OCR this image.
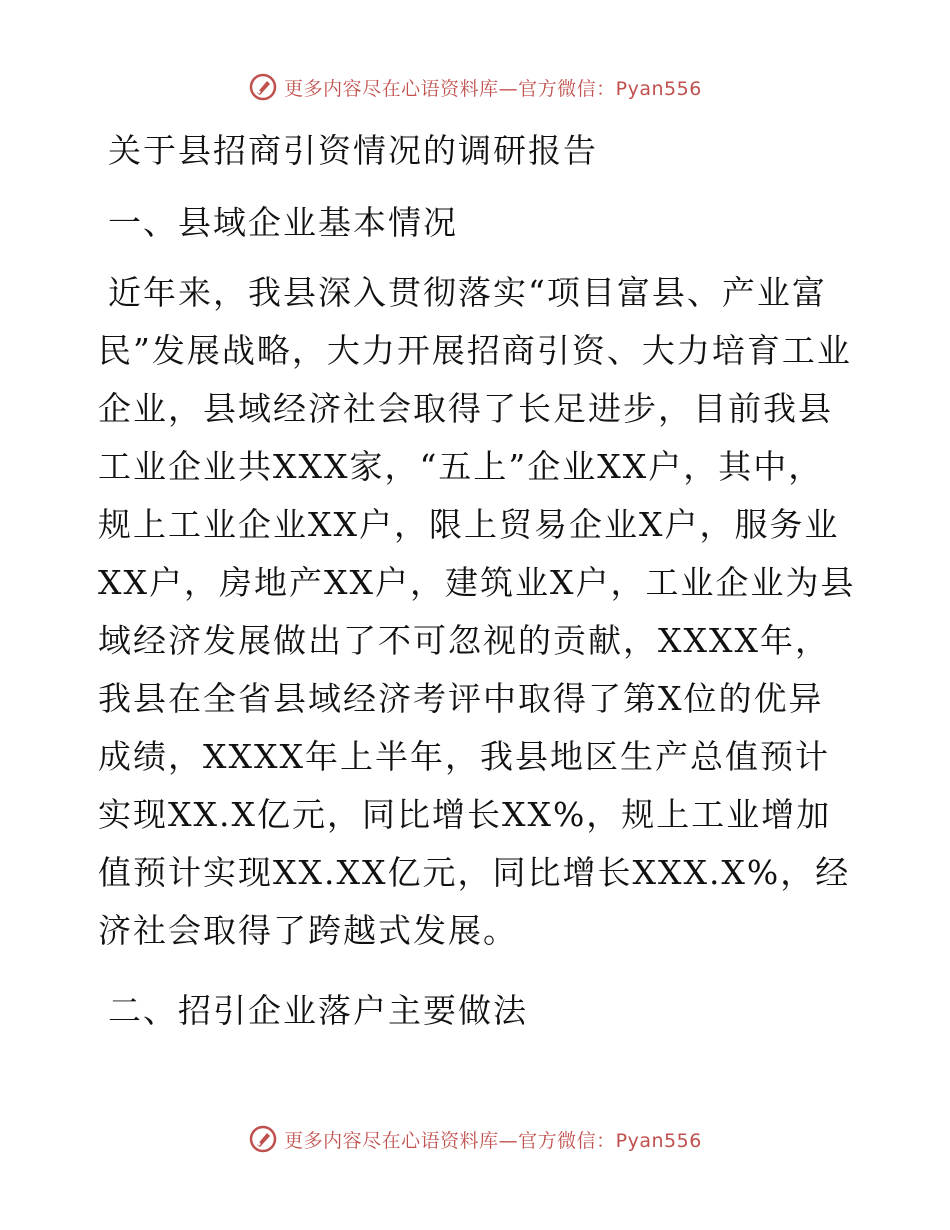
更多内容尽在心语资料库—官方微信：Pyan556
关于县招商引资情况的调研报告
一、县域企业基本情况

近年来，我县深入贯彻落实“项目富县、产业富民”发展战略，大力开展招商引资、大力培育工业企业，县域经济社会取得了长足进步，目前我县工业企业共XXX家，“五上”企业XX户，其中，规上工业企业XX户，限上贸易企业X户，服务业XX户，房地产XX户，建筑业X户，工业企业为县域经济发展做出了不可忽视的贡献，XXXX年，我县在全省县域经济考评中取得了第X位的优异成绩，XXXX年上半年，我县地区生产总值预计实现XX.X亿元，同比增长XX%，规上工业增加值预计实现XX.XX亿元，同比增长XXX.X%，经济社会取得了跨越式发展。

二、招引企业落户主要做法
更多内容尽在心语资料库—官方微信：Pyan556
